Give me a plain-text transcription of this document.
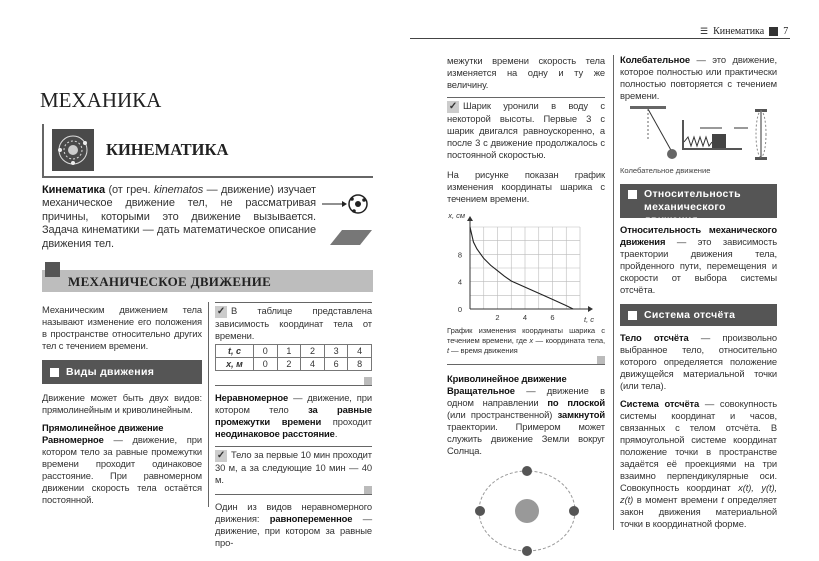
☰ Кинематика 7
МЕХАНИКА
КИНЕМАТИКА
Кинематика (от греч. kinematos — движение) изучает механическое движение тел, не рассматривая причины, которыми это движение вызывается. Задача кинематики — дать математическое описание движения тел.
МЕХАНИЧЕСКОЕ ДВИЖЕНИЕ
Механическим движением тела называют изменение его положения в пространстве относительно других тел с течением времени.
Виды движения
Движение может быть двух видов: прямолинейным и криволинейным.
Прямолинейное движение
Равномерное — движение, при котором тело за равные промежутки времени проходит одинаковое расстояние. При равномерном движении скорость тела остаётся постоянной.
✓ В таблице представлена зависимость координат тела от времени.
t, с	0	1	2	3	4
x, м	0	2	4	6	8
Неравномерное — движение, при котором тело за равные промежутки времени проходит неодинаковое расстояние.
✓ Тело за первые 10 мин проходит 30 м, а за следующие 10 мин — 40 м.
Один из видов неравномерного движения: равнопеременное — движение, при котором за равные про-
межутки времени скорость тела изменяется на одну и ту же величину.
✓ Шарик уронили в воду с некоторой высоты. Первые 3 с шарик двигался равноускоренно, а после 3 с движение продолжалось с постоянной скоростью.
На рисунке показан график изменения координаты шарика с течением времени.
2	4	6
0
4
8
t, с
x, см
График изменения координаты шарика с течением времени, где x — координата тела, t — время движения
Криволинейное движение
Вращательное — движение в одном направлении по плоской (или пространственной) замкнутой траектории. Примером может служить движение Земли вокруг Солнца.
Колебательное — это движение, которое полностью или практически полностью повторяется с течением времени.
Колебательное движение
Относительность механического движения
Относительность механического движения — это зависимость траектории движения тела, пройденного пути, перемещения и скорости от выбора системы отсчёта.
Система отсчёта
Тело отсчёта — произвольно выбранное тело, относительно которого определяется положение движущейся материальной точки (или тела).
Система отсчёта — совокупность системы координат и часов, связанных с телом отсчёта. В прямоугольной системе координат положение точки в пространстве задаётся её проекциями на три взаимно перпендикулярные оси. Совокупность координат x(t), y(t), z(t) в момент времени t определяет закон движения материальной точки в координатной форме.
